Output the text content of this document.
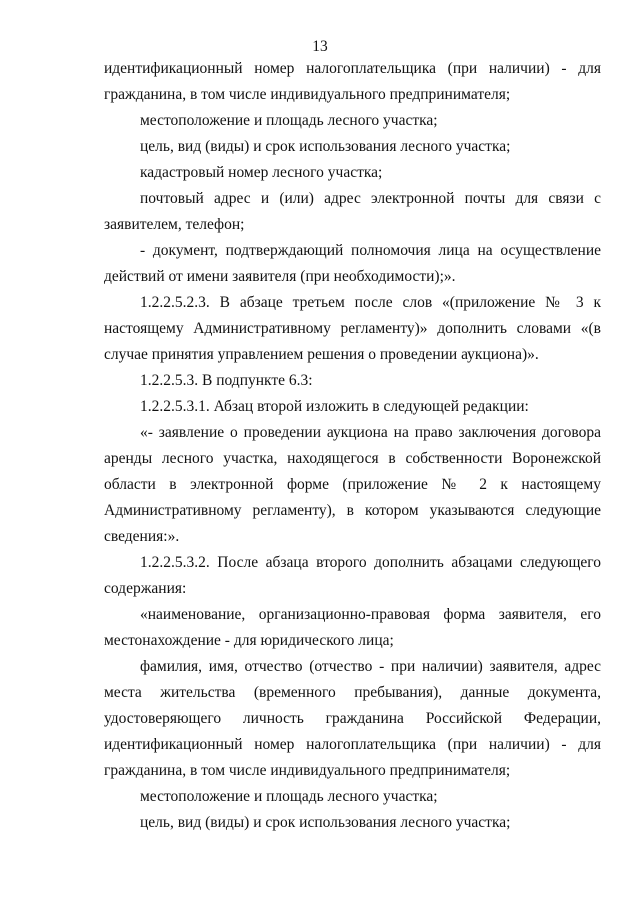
13

идентификационный номер налогоплательщика (при наличии) - для гражданина, в том числе индивидуального предпринимателя;

местоположение и площадь лесного участка;

цель, вид (виды) и срок использования лесного участка;

кадастровый номер лесного участка;

почтовый адрес и (или) адрес электронной почты для связи с заявителем, телефон;

- документ, подтверждающий полномочия лица на осуществление действий от имени заявителя (при необходимости);».

1.2.2.5.2.3. В абзаце третьем после слов «(приложение № 3 к настоящему Административному регламенту)» дополнить словами «(в случае принятия управлением решения о проведении аукциона)».

1.2.2.5.3. В подпункте 6.3:

1.2.2.5.3.1. Абзац второй изложить в следующей редакции:

«- заявление о проведении аукциона на право заключения договора аренды лесного участка, находящегося в собственности Воронежской области в электронной форме (приложение № 2 к настоящему Административному регламенту), в котором указываются следующие сведения:».

1.2.2.5.3.2. После абзаца второго дополнить абзацами следующего содержания:

«наименование, организационно-правовая форма заявителя, его местонахождение - для юридического лица;

фамилия, имя, отчество (отчество - при наличии) заявителя, адрес места жительства (временного пребывания), данные документа, удостоверяющего личность гражданина Российской Федерации, идентификационный номер налогоплательщика (при наличии) - для гражданина, в том числе индивидуального предпринимателя;

местоположение и площадь лесного участка;

цель, вид (виды) и срок использования лесного участка;
